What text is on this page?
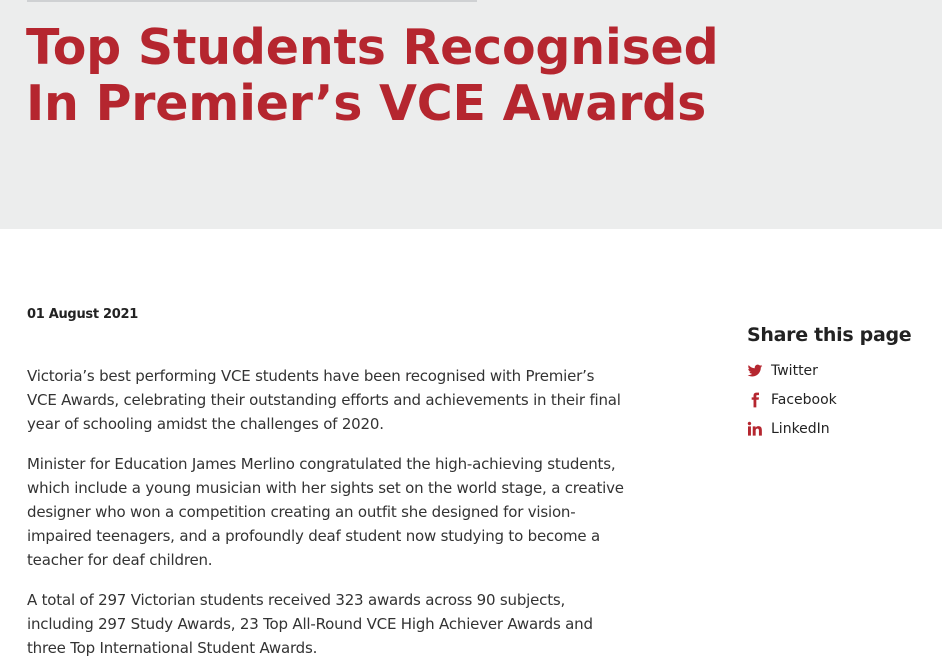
Top Students Recognised In Premier’s VCE Awards
01 August 2021

Victoria’s best performing VCE students have been recognised with Premier’s VCE Awards, celebrating their outstanding efforts and achievements in their final year of schooling amidst the challenges of 2020.

Minister for Education James Merlino congratulated the high-achieving students, which include a young musician with her sights set on the world stage, a creative designer who won a competition creating an outfit she designed for vision-impaired teenagers, and a profoundly deaf student now studying to become a teacher for deaf children.

A total of 297 Victorian students received 323 awards across 90 subjects, including 297 Study Awards, 23 Top All-Round VCE High Achiever Awards and three Top International Student Awards.

Share this page
Twitter
Facebook
LinkedIn
